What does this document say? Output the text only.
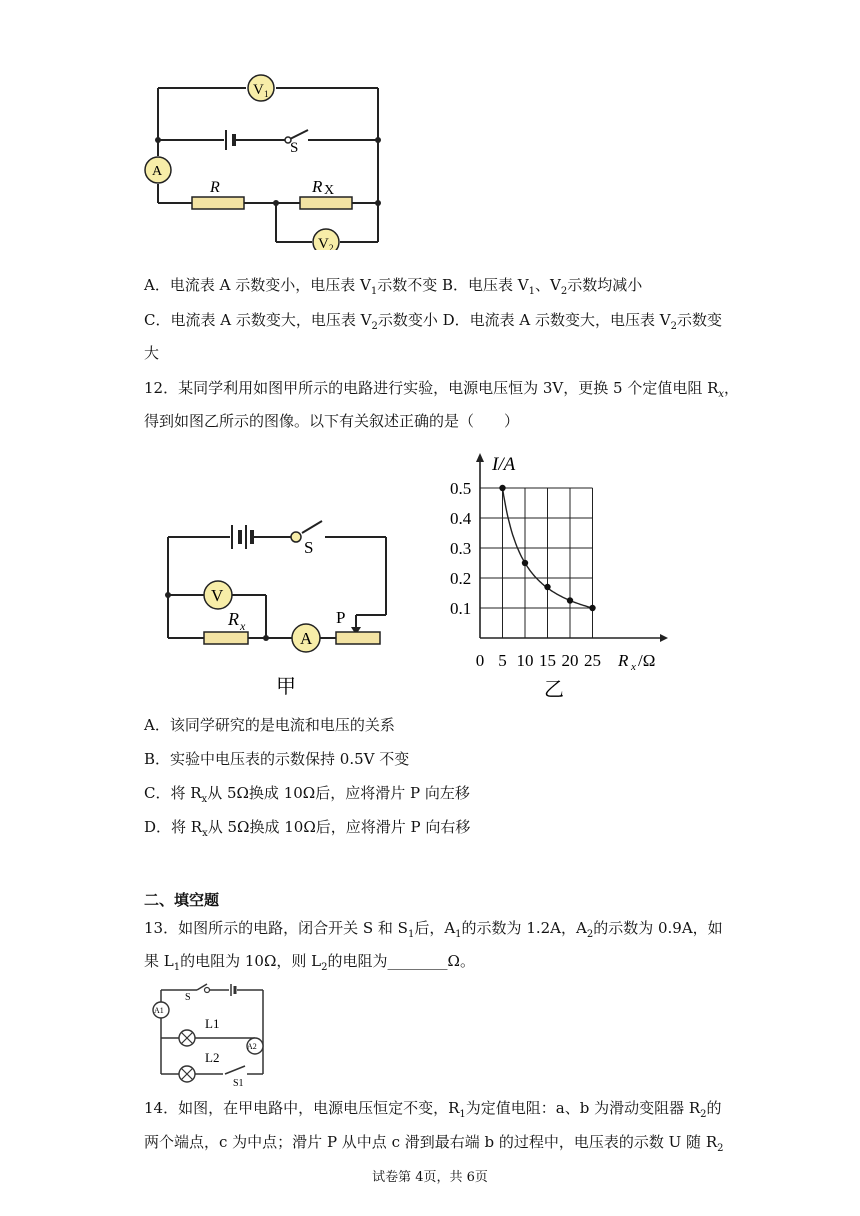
V 1
S
A
R	R X
V 2
A．电流表 A 示数变小，电压表 $V_1$示数不变 B．电压表 $V_1$、$V_2$示数均减小
C．电流表 A 示数变大，电压表 $V_2$示数变小 D．电流表 A 示数变大，电压表 $V_2$示数变
大
12．某同学利用如图甲所示的电路进行实验，电源电压恒为 3V，更换 5 个定值电阻 $R_x$，
得到如图乙所示的图像。以下有关叙述正确的是（　　）
S
V
R x
A
P
甲
0.1
0.2
0.3
0.4
0.5
0 5 10 15 20 25
I/A
R x /Ω
乙
A．该同学研究的是电流和电压的关系
B．实验中电压表的示数保持 0.5V 不变
C．将 $R_x$从 5Ω换成 10Ω后，应将滑片 P 向左移
D．将 $R_x$从 5Ω换成 10Ω后，应将滑片 P 向右移
二、填空题
13．如图所示的电路，闭合开关 S 和 $S_1$后，$A_1$的示数为 1.2A，$A_2$的示数为 0.9A，如
果 $L_1$的电阻为 10Ω，则 $L_2$的电阻为________Ω。
S
A1
L1
A2
L2
S1
14．如图，在甲电路中，电源电压恒定不变，$R_1$为定值电阻：a、b 为滑动变阻器 $R_2$的
两个端点，c 为中点；滑片 P 从中点 c 滑到最右端 b 的过程中，电压表的示数 U 随 $R_2$
试卷第 4页，共 6页
